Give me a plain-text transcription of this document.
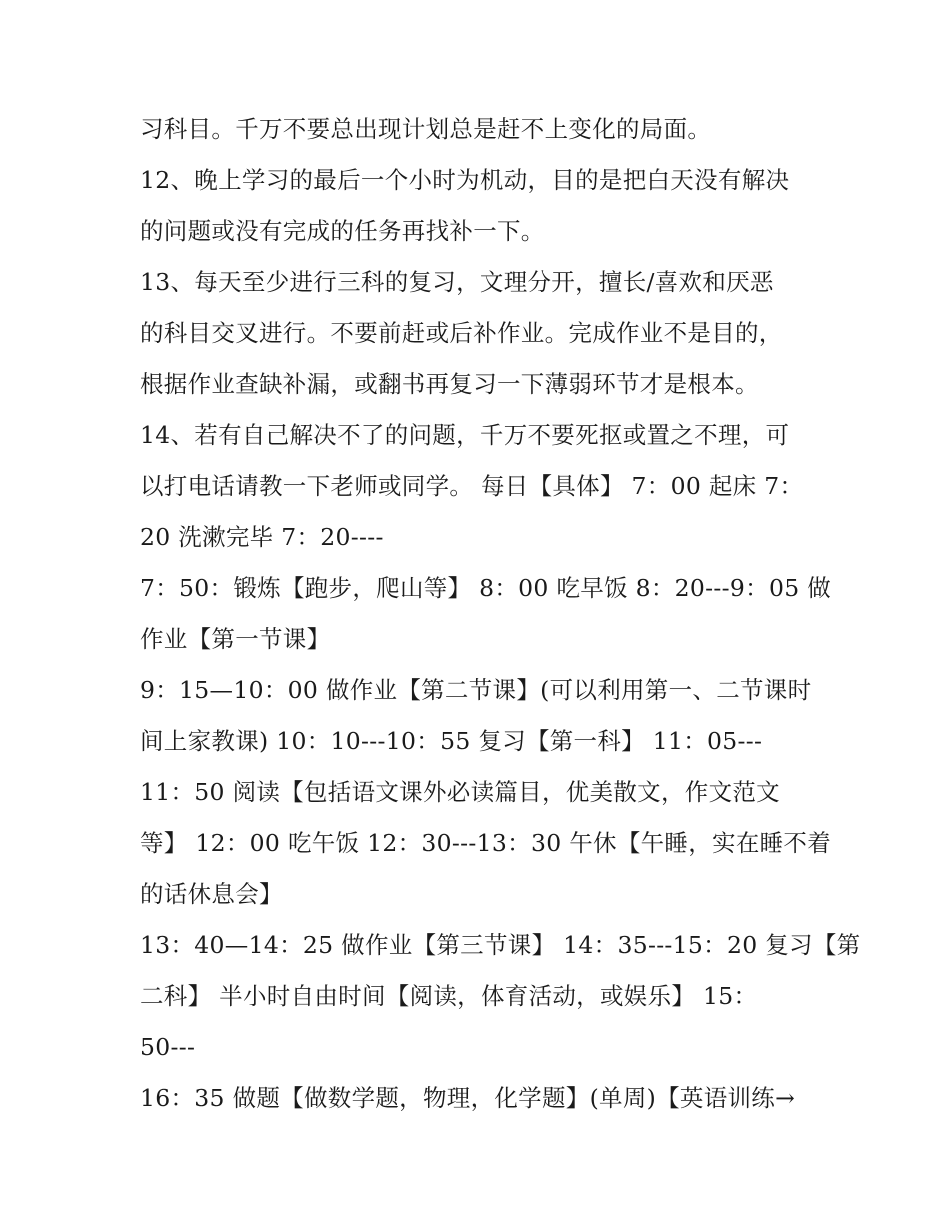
习科目。千万不要总出现计划总是赶不上变化的局面。
12、晚上学习的最后一个小时为机动，目的是把白天没有解决
的问题或没有完成的任务再找补一下。
13、每天至少进行三科的复习，文理分开，擅长/喜欢和厌恶
的科目交叉进行。不要前赶或后补作业。完成作业不是目的，
根据作业查缺补漏，或翻书再复习一下薄弱环节才是根本。
14、若有自己解决不了的问题，千万不要死抠或置之不理，可
以打电话请教一下老师或同学。 每日【具体】 7：00 起床 7：
20 洗漱完毕 7：20----
7：50：锻炼【跑步，爬山等】 8：00 吃早饭 8：20---9：05 做
作业【第一节课】
9：15—10：00 做作业【第二节课】(可以利用第一、二节课时
间上家教课) 10：10---10：55 复习【第一科】 11：05---
11：50 阅读【包括语文课外必读篇目，优美散文，作文范文
等】 12：00 吃午饭 12：30---13：30 午休【午睡，实在睡不着
的话休息会】
13：40—14：25 做作业【第三节课】 14：35---15：20 复习【第
二科】 半小时自由时间【阅读，体育活动，或娱乐】 15：
50---
16：35 做题【做数学题，物理，化学题】(单周)【英语训练→
